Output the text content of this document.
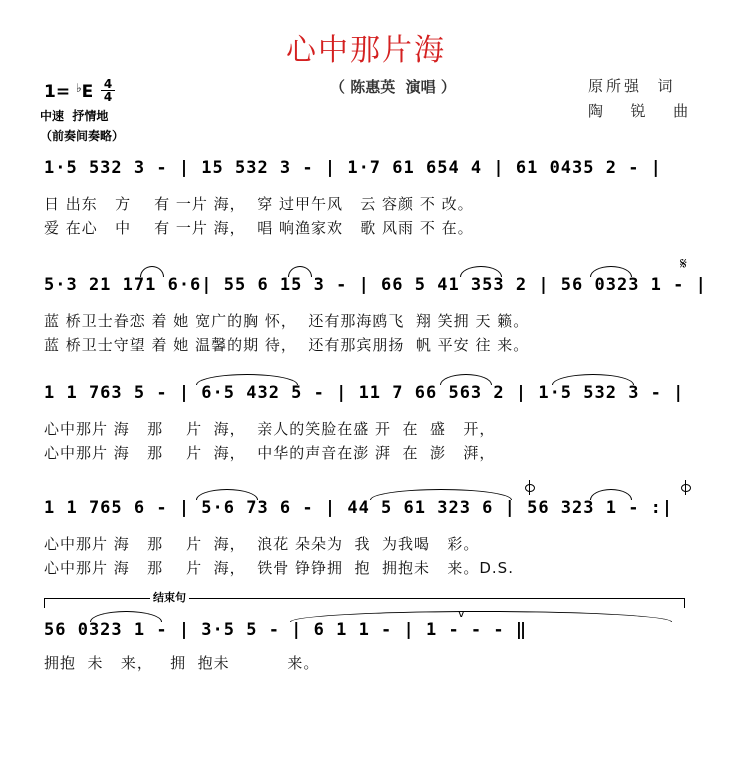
心中那片海
（ 陈惠英  演唱 ）	原所强  词
陶  锐  曲
1= ♭E 4
4
中速  抒情地
（前奏间奏略）
1·5 532 3 - | 15 532 3 - | 1·7 61 654 4 | 61 0435 2 - |
日 出东   方    有 一片 海，  穿 过甲午风   云 容颜 不 改。
爱 在心   中    有 一片 海，  唱 响渔家欢   歌 风雨 不 在。
5·3 21 171 6·6| 55 6 15 3 - | 66 5 41 353 2 | 56 0323 1 - |
蓝 桥卫士眷恋 着 她 宽广的胸 怀，  还有那海鸥飞  翔 笑拥 天 籁。
蓝 桥卫士守望 着 她 温馨的期 待，  还有那宾朋扬  帆 平安 往 来。
𝄋
1 1 763 5 - | 6·5 432 5 - | 11 7 66 563 2 | 1·5 532 3 - |
心中那片 海   那    片  海，  亲人的笑脸在盛 开  在  盛   开，
心中那片 海   那    片  海，  中华的声音在澎 湃  在  澎   湃，
1 1 765 6 - | 5·6 73 6 - | 44 5 61 323 6 | 56 323 1 - :|
心中那片 海   那    片  海，  浪花 朵朵为  我  为我喝   彩。
心中那片 海   那    片  海，  铁骨 铮铮拥  抱  拥抱未   来。D.S.
结束句
v
56 0323 1 - | 3·5 5 - | 6 1 1 - | 1 - - - ‖
拥抱  未   来，   拥  抱未          来。
